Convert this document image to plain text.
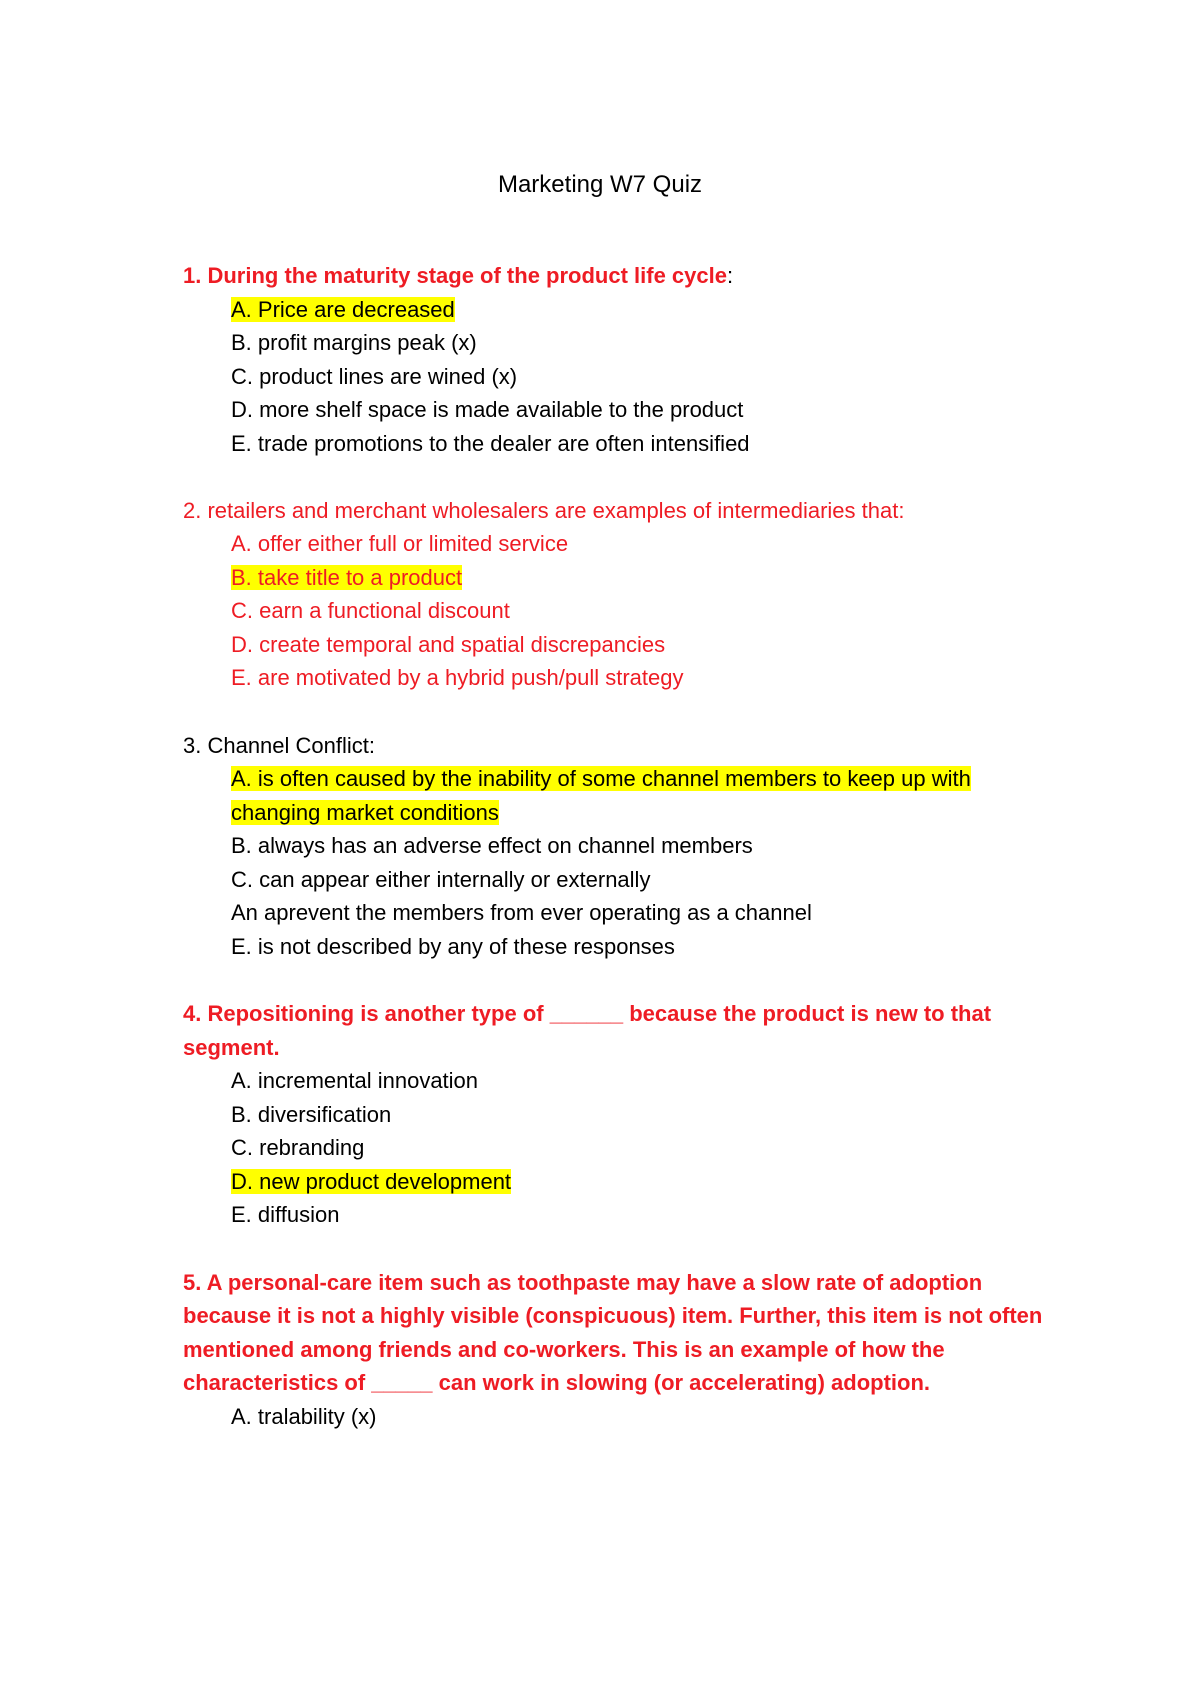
Marketing W7 Quiz
1. During the maturity stage of the product life cycle:
A. Price are decreased
B. profit margins peak (x)
C. product lines are wined (x)
D. more shelf space is made available to the product
E. trade promotions to the dealer are often intensified
2. retailers and merchant wholesalers are examples of intermediaries that:
A. offer either full or limited service
B. take title to a product
C. earn a functional discount
D. create temporal and spatial discrepancies
E. are motivated by a hybrid push/pull strategy
3. Channel Conflict:
A. is often caused by the inability of some channel members to keep up with
changing market conditions
B. always has an adverse effect on channel members
C. can appear either internally or externally
An aprevent the members from ever operating as a channel
E. is not described by any of these responses
4. Repositioning is another type of ______ because the product is new to that
segment.
A. incremental innovation
B. diversification
C. rebranding
D. new product development
E. diffusion
5. A personal-care item such as toothpaste may have a slow rate of adoption
because it is not a highly visible (conspicuous) item. Further, this item is not often
mentioned among friends and co-workers. This is an example of how the
characteristics of _____ can work in slowing (or accelerating) adoption.
A. tralability (x)
